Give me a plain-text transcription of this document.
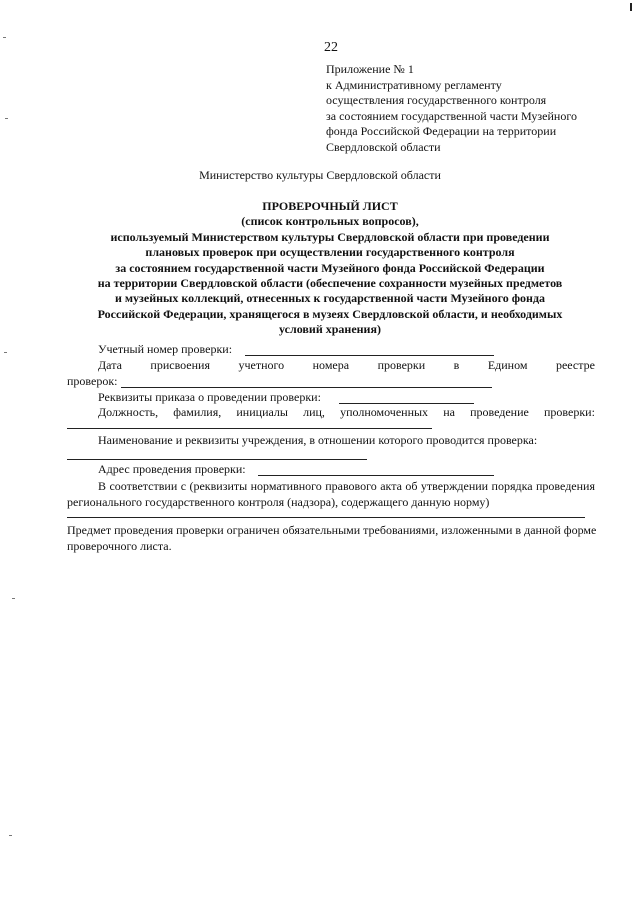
22
Приложение № 1
к Административному регламенту
осуществления государственного контроля
за состоянием государственной части Музейного
фонда Российской Федерации на территории
Свердловской области
Министерство культуры Свердловской области
ПРОВЕРОЧНЫЙ ЛИСТ
(список контрольных вопросов),
используемый Министерством культуры Свердловской области при проведении
плановых проверок при осуществлении государственного контроля
за состоянием государственной части Музейного фонда Российской Федерации
на территории Свердловской области (обеспечение сохранности музейных предметов
и музейных коллекций, отнесенных к государственной части Музейного фонда
Российской Федерации, хранящегося в музеях Свердловской области, и необходимых
условий хранения)
Учетный номер проверки:
Дата присвоения учетного номера проверки в Едином реестре
проверок:
Реквизиты приказа о проведении проверки:
Должность, фамилия, инициалы лиц, уполномоченных на проведение проверки:
Наименование и реквизиты учреждения, в отношении которого проводится проверка:
Адрес проведения проверки:
В соответствии с (реквизиты нормативного правового акта об утверждении порядка проведения регионального государственного контроля (надзора), содержащего данную норму)
Предмет проведения проверки ограничен обязательными требованиями, изложенными в данной форме проверочного листа.
